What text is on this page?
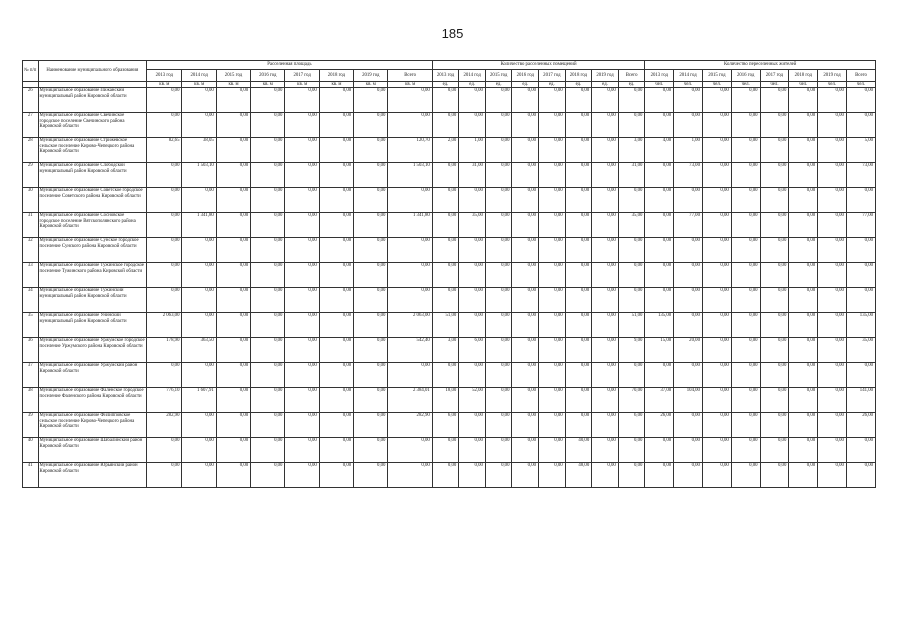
185
№ п/п	Наименование муниципального образования	Расселенная площадь								Количество расселенных помещений								Количество переселенных жителей							
		2013 год	2014 год	2015 год	2016 год	2017 год	2018 год	2019 год	Всего	2013 год	2014 год	2015 год	2016 год	2017 год	2018 год	2019 год	Всего	2013 год	2014 год	2015 год	2016 год	2017 год	2018 год	2019 год	Всего
		кв. м	кв. м	кв. м	кв. м	кв. м	кв. м	кв. м	кв. м	ед.	ед.	ед.	ед.	ед.	ед.	ед.	ед.	чел.	чел.	чел.	чел.	чел.	чел.	чел.	чел.
26	Муниципальное образование Пижанский муниципальный район Кировской области	0,00	0,00	0,00	0,00	0,00	0,00	0,00	0,00	0,00	0,00	0,00	0,00	0,00	0,00	0,00	0,00	0,00	0,00	0,00	0,00	0,00	0,00	0,00	0,00
27	Муниципальное образование Свечинское городское поселение Свечинского района Кировской области	0,00	0,00	0,00	0,00	0,00	0,00	0,00	0,00	0,00	0,00	0,00	0,00	0,00	0,00	0,00	0,00	0,00	0,00	0,00	0,00	0,00	0,00	0,00	0,00
28	Муниципальное образование Стрижевское сельское поселение Кирово-Чепецкого района Кировской области	82,65	38,05	0,00	0,00	0,00	0,00	0,00	120,70	2,00	1,00	0,00	0,00	0,00	0,00	0,00	3,00	4,00	1,00	0,00	0,00	0,00	0,00	0,00	5,00
29	Муниципальное образование Слободской муниципальный район Кировской области	0,00	1 503,10	0,00	0,00	0,00	0,00	0,00	1 503,10	0,00	31,00	0,00	0,00	0,00	0,00	0,00	31,00	0,00	73,00	0,00	0,00	0,00	0,00	0,00	73,00
30	Муниципальное образование Советское городское поселение Советского района Кировской области	0,00	0,00	0,00	0,00	0,00	0,00	0,00	0,00	0,00	0,00	0,00	0,00	0,00	0,00	0,00	0,00	0,00	0,00	0,00	0,00	0,00	0,00	0,00	0,00
31	Муниципальное образование Сосновское городское поселение Вятскополянского района Кировской области	0,00	1 341,80	0,00	0,00	0,00	0,00	0,00	1 341,80	0,00	35,00	0,00	0,00	0,00	0,00	0,00	35,00	0,00	77,00	0,00	0,00	0,00	0,00	0,00	77,00
32	Муниципальное образование Сунское городское поселение Сунского района Кировской области	0,00	0,00	0,00	0,00	0,00	0,00	0,00	0,00	0,00	0,00	0,00	0,00	0,00	0,00	0,00	0,00	0,00	0,00	0,00	0,00	0,00	0,00	0,00	0,00
33	Муниципальное образование Тужинское городское поселение Тужинского района Кировской области	0,00	0,00	0,00	0,00	0,00	0,00	0,00	0,00	0,00	0,00	0,00	0,00	0,00	0,00	0,00	0,00	0,00	0,00	0,00	0,00	0,00	0,00	0,00	0,00
34	Муниципальное образование Тужинский муниципальный район Кировской области	0,00	0,00	0,00	0,00	0,00	0,00	0,00	0,00	0,00	0,00	0,00	0,00	0,00	0,00	0,00	0,00	0,00	0,00	0,00	0,00	0,00	0,00	0,00	0,00
35	Муниципальное образование Унинский муниципальный район Кировской области	2 063,00	0,00	0,00	0,00	0,00	0,00	0,00	2 063,00	51,00	0,00	0,00	0,00	0,00	0,00	0,00	51,00	135,00	0,00	0,00	0,00	0,00	0,00	0,00	135,00
36	Муниципальное образование Уржумское городское поселение Уржумского района Кировской области	178,90	363,50	0,00	0,00	0,00	0,00	0,00	542,40	3,00	6,00	0,00	0,00	0,00	0,00	0,00	9,00	15,00	20,00	0,00	0,00	0,00	0,00	0,00	35,00
37	Муниципальное образование Уржумский район Кировской области	0,00	0,00	0,00	0,00	0,00	0,00	0,00	0,00	0,00	0,00	0,00	0,00	0,00	0,00	0,00	0,00	0,00	0,00	0,00	0,00	0,00	0,00	0,00	0,00
38	Муниципальное образование Фаленское городское поселение Фаленского района Кировской области	776,10	1 607,91	0,00	0,00	0,00	0,00	0,00	2 384,01	18,00	52,00	0,00	0,00	0,00	0,00	0,00	70,00	37,00	104,00	0,00	0,00	0,00	0,00	0,00	141,00
39	Муниципальное образование Филипповское сельское поселение Кирово-Чепецкого района Кировской области	282,90	0,00	0,00	0,00	0,00	0,00	0,00	282,90	6,00	0,00	0,00	0,00	0,00	0,00	0,00	6,00	26,00	0,00	0,00	0,00	0,00	0,00	0,00	26,00
40	Муниципальное образование Шабалинский район Кировской области	0,00	0,00	0,00	0,00	0,00	0,00	0,00	0,00	0,00	0,00	0,00	0,00	0,00	40,00	0,00	0,00	0,00	0,00	0,00	0,00	0,00	0,00	0,00	0,00
41	Муниципальное образование Юрьянский район Кировской области	0,00	0,00	0,00	0,00	0,00	0,00	0,00	0,00	0,00	0,00	0,00	0,00	0,00	48,00	0,00	0,00	0,00	0,00	0,00	0,00	0,00	0,00	0,00	0,00
